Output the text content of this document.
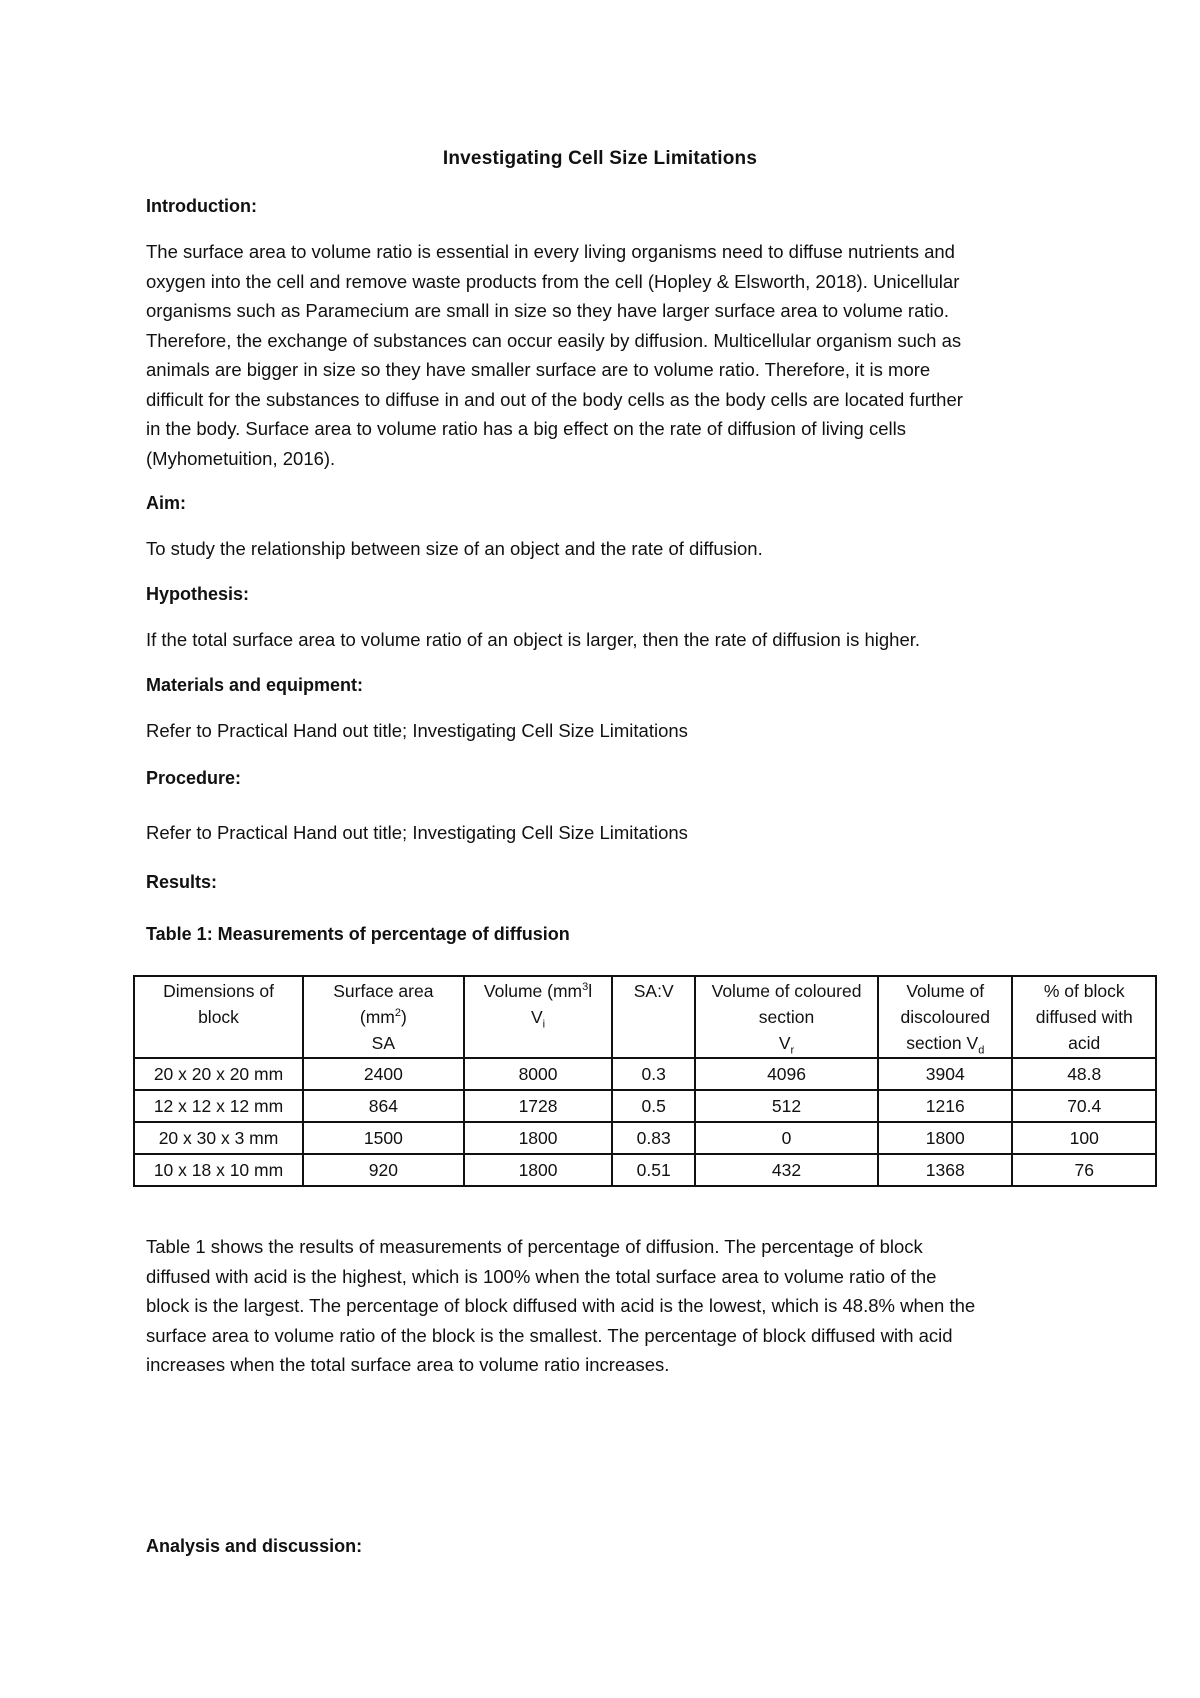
Investigating Cell Size Limitations
Introduction:
The surface area to volume ratio is essential in every living organisms need to diffuse nutrients and
oxygen into the cell and remove waste products from the cell (Hopley & Elsworth, 2018). Unicellular
organisms such as Paramecium are small in size so they have larger surface area to volume ratio.
Therefore, the exchange of substances can occur easily by diffusion. Multicellular organism such as
animals are bigger in size so they have smaller surface are to volume ratio. Therefore, it is more
difficult for the substances to diffuse in and out of the body cells as the body cells are located further
in the body. Surface area to volume ratio has a big effect on the rate of diffusion of living cells
(Myhometuition, 2016).
Aim:
To study the relationship between size of an object and the rate of diffusion.
Hypothesis:
If the total surface area to volume ratio of an object is larger, then the rate of diffusion is higher.
Materials and equipment:
Refer to Practical Hand out title; Investigating Cell Size Limitations
Procedure:
Refer to Practical Hand out title; Investigating Cell Size Limitations
Results:
Table 1: Measurements of percentage of diffusion
Dimensions of
block	Surface area
$(mm^2)$
SA	Volume ($mm^3l$
$V_i$	SA:V	Volume of coloured
section
$V_r$	Volume of
discoloured
section $V_d$	% of block
diffused with
acid
20 x 20 x 20 mm	2400	8000	0.3	4096	3904	48.8
12 x 12 x 12 mm	864	1728	0.5	512	1216	70.4
20 x 30 x 3 mm	1500	1800	0.83	0	1800	100
10 x 18 x 10 mm	920	1800	0.51	432	1368	76
Table 1 shows the results of measurements of percentage of diffusion. The percentage of block
diffused with acid is the highest, which is 100% when the total surface area to volume ratio of the
block is the largest. The percentage of block diffused with acid is the lowest, which is 48.8% when the
surface area to volume ratio of the block is the smallest. The percentage of block diffused with acid
increases when the total surface area to volume ratio increases.
Analysis and discussion:
